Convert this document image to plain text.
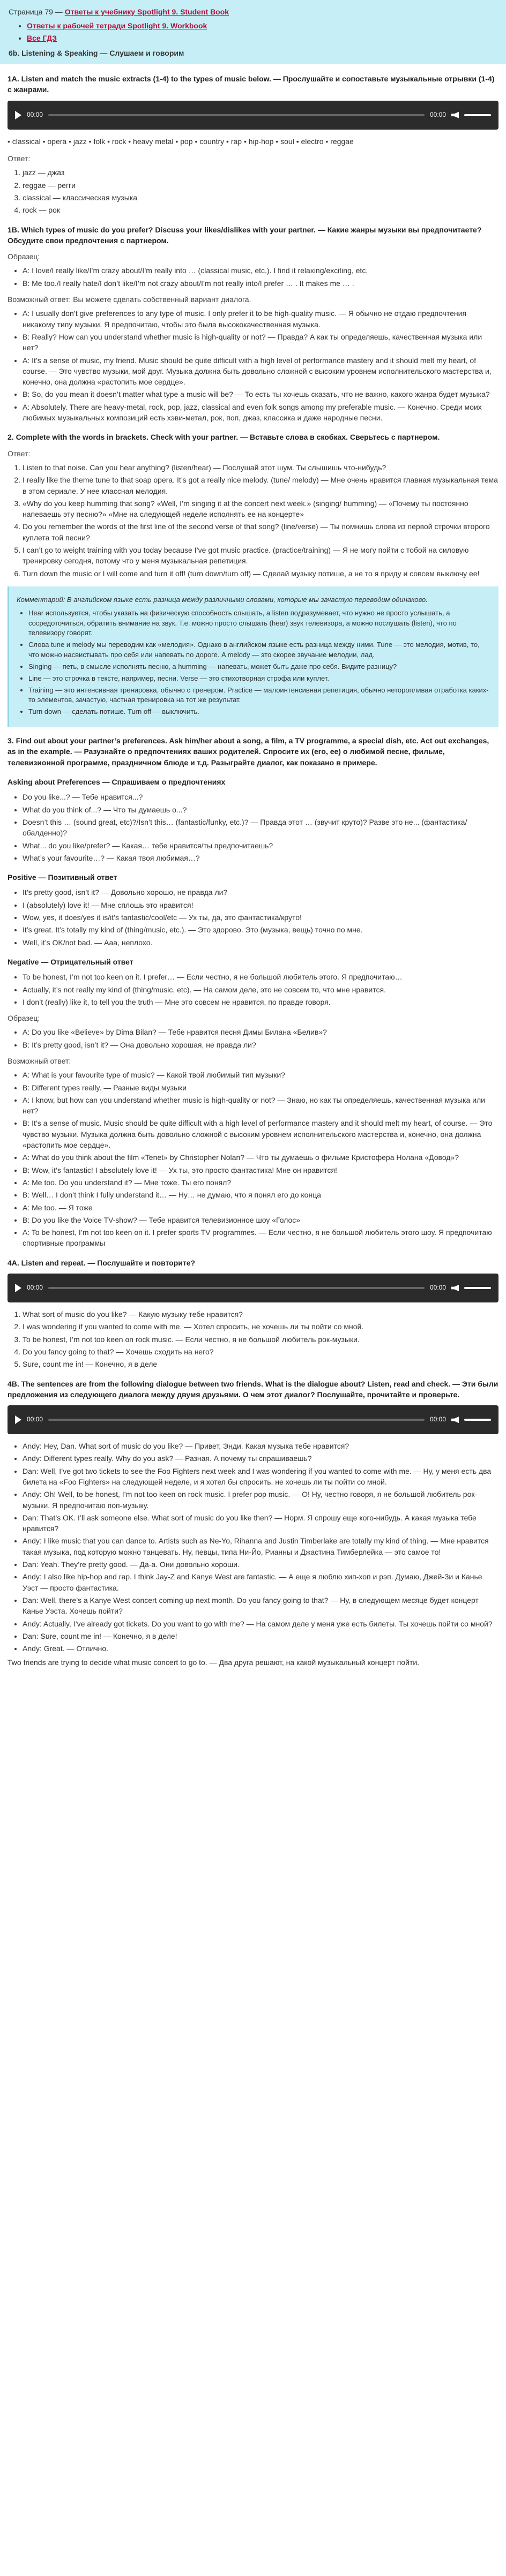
Страница 79 — Ответы к учебнику Spotlight 9. Student Book
• Ответы к рабочей тетради Spotlight 9. Workbook
• Все ГДЗ
6b. Listening & Speaking — Слушаем и говорим
1A. Listen and match the music extracts (1-4) to the types of music below. — Прослушайте и сопоставьте музыкальные отрывки (1-4) с жанрами.
00:00	00:00

• classical • opera • jazz • folk • rock • heavy metal • pop • country • rap • hip-hop • soul • electro • reggae

Ответ:
1. jazz — джаз
2. reggae — регги
3. classical — классическая музыка
4. rock — рок
1B. Which types of music do you prefer? Discuss your likes/dislikes with your partner. — Какие жанры музыки вы предпочитаете? Обсудите свои предпочтения с партнером.
Образец:
• A: I love/I really like/I’m crazy about/I’m really into … (classical music, etc.). I find it relaxing/exciting, etc.
• B: Me too./I really hate/I don’t like/I’m not crazy about/I’m not really into/I prefer … . It makes me … .
Возможный ответ: Вы можете сделать собственный вариант диалога.
• A: I usually don’t give preferences to any type of music. I only prefer it to be high-quality music. — Я обычно не отдаю предпочтения никакому типу музыки. Я предпочитаю, чтобы это была высококачественная музыка.
• B: Really? How can you understand whether music is high-quality or not? — Правда? А как ты определяешь, качественная музыка или нет?
• A: It’s a sense of music, my friend. Music should be quite difficult with a high level of performance mastery and it should melt my heart, of course. — Это чувство музыки, мой друг. Музыка должна быть довольно сложной с высоким уровнем исполнительского мастерства и, конечно, она должна «растопить мое сердце».
• B: So, do you mean it doesn’t matter what type a music will be? — То есть ты хочешь сказать, что не важно, какого жанра будет музыка?
• A: Absolutely. There are heavy-metal, rock, pop, jazz, classical and even folk songs among my preferable music. — Конечно. Среди моих любимых музыкальных композиций есть хэви-метал, рок, поп, джаз, классика и даже народные песни.
2. Complete with the words in brackets. Check with your partner. — Вставьте слова в скобках. Сверьтесь с партнером.
Ответ:
1. Listen to that noise. Can you hear anything? (listen/hear) — Послушай этот шум. Ты слышишь что-нибудь?
2. I really like the theme tune to that soap opera. It’s got a really nice melody. (tune/ melody) — Мне очень нравится главная музыкальная тема в этом сериале. У нее классная мелодия.
3. «Why do you keep humming that song? «Well, I’m singing it at the concert next week.» (singing/ humming) — «Почему ты постоянно напеваешь эту песню?» «Мне на следующей неделе исполнять ее на концерте»
4. Do you remember the words of the first line of the second verse of that song? (line/verse) — Ты помнишь слова из первой строчки второго куплета той песни?
5. I can’t go to weight training with you today because I’ve got music practice. (practice/training) — Я не могу пойти с тобой на силовую тренировку сегодня, потому что у меня музыкальная репетиция.
6. Turn down the music or I will come and turn it off! (turn down/turn off) — Сделай музыку потише, а не то я приду и совсем выключу ее!

Комментарий: В английском языке есть разница между различными словами, которые мы зачастую переводим одинаково.

• Hear используется, чтобы указать на физическую способность слышать, a listen подразумевает, что нужно не просто услышать, а сосредоточиться, обратить внимание на звук. Т.е. можно просто слышать (hear) звук телевизора, а можно послушать (listen), что по телевизору говорят.
• Слова tune и melody мы переводим как «мелодия». Однако в английском языке есть разница между ними. Tune — это мелодия, мотив, то, что можно насвистывать про себя или напевать по дороге. A melody — это скорее звучание мелодии, лад.
• Singing — петь, в смысле исполнять песню, a humming — напевать, может быть даже про себя. Видите разницу?
• Line — это строчка в тексте, например, песни. Verse — это стихотворная строфа или куплет.
• Training — это интенсивная тренировка, обычно с тренером. Practice — малоинтенсивная репетиция, обычно неторопливая отработка каких-то элементов, зачастую, частная тренировка на тот же результат.
• Turn down — сделать потише. Turn off — выключить.
3. Find out about your partner’s preferences. Ask him/her about a song, a film, a TV programme, a special dish, etc. Act out exchanges, as in the example. — Разузнайте о предпочтениях ваших родителей. Спросите их (его, ее) о любимой песне, фильме, телевизионной программе, праздничном блюде и т.д. Разыграйте диалог, как показано в примере.
Asking about Preferences — Спрашиваем о предпочтениях
• Do you like...? — Тебе нравится...?
• What do you think of...? — Что ты думаешь о...?
• Doesn’t this … (sound great, etc)?/Isn’t this… (fantastic/funky, etc.)? — Правда этот … (звучит круто)? Разве это не... (фантастика/обалденно)?
• What... do you like/prefer? — Какая… тебе нравится/ты предпочитаешь?
• What’s your favourite…? — Какая твоя любимая…?
Positive — Позитивный ответ
• It’s pretty good, isn’t it? — Довольно хорошо, не правда ли?
• I (absolutely) love it! — Мне сплошь это нравится!
• Wow, yes, it does/yes it is/it’s fantastic/cool/etc — Ух ты, да, это фантастика/круто!
• It’s great. It’s totally my kind of (thing/music, etc.). — Это здорово. Это (музыка, вещь) точно по мне.
• Well, it’s OK/not bad. — Ааа, неплохо.
Negative — Отрицательный ответ
• To be honest, I’m not too keen on it. I prefer… — Если честно, я не большой любитель этого. Я предпочитаю…
• Actually, it’s not really my kind of (thing/music, etc). — На самом деле, это не совсем то, что мне нравится.
• I don’t (really) like it, to tell you the truth — Мне это совсем не нравится, по правде говоря.
Образец:
• A: Do you like «Believe» by Dima Bilan? — Тебе нравится песня Димы Билана «Белив»?
• B: It’s pretty good, isn’t it? — Она довольно хорошая, не правда ли?
Возможный ответ:
• A: What is your favourite type of music? — Какой твой любимый тип музыки?
• B: Different types really. — Разные виды музыки
• A: I know, but how can you understand whether music is high-quality or not? — Знаю, но как ты определяешь, качественная музыка или нет?
• B: It’s a sense of music. Music should be quite difficult with a high level of performance mastery and it should melt my heart, of course. — Это чувство музыки. Музыка должна быть довольно сложной с высоким уровнем исполнительского мастерства и, конечно, она должна «растопить мое сердце».
• A: What do you think about the film «Tenet» by Christopher Nolan? — Что ты думаешь о фильме Кристофера Нолана «Довод»?
• B: Wow, it’s fantastic! I absolutely love it! — Ух ты, это просто фантастика! Мне он нравится!
• A: Me too. Do you understand it? — Мне тоже. Ты его понял?
• B: Well… I don’t think I fully understand it… — Ну… не думаю, что я понял его до конца
• A: Me too. — Я тоже
• B: Do you like the Voice TV-show? — Тебе нравится телевизионное шоу «Голос»
• A: To be honest, I’m not too keen on it. I prefer sports TV programmes. — Если честно, я не большой любитель этого шоу. Я предпочитаю спортивные программы
4A. Listen and repeat. — Послушайте и повторите?
00:00	00:00
1. What sort of music do you like? — Какую музыку тебе нравится?
2. I was wondering if you wanted to come with me. — Хотел спросить, не хочешь ли ты пойти со мной.
3. To be honest, I’m not too keen on rock music. — Если честно, я не большой любитель рок-музыки.
4. Do you fancy going to that? — Хочешь сходить на него?
5. Sure, count me in! — Конечно, я в деле
4B. The sentences are from the following dialogue between two friends. What is the dialogue about? Listen, read and check. — Эти были предложения из следующего диалога между двумя друзьями. О чем этот диалог? Послушайте, прочитайте и проверьте.
00:00	00:00
• Andy: Hey, Dan. What sort of music do you like? — Привет, Энди. Какая музыка тебе нравится?
• Andy: Different types really. Why do you ask? — Разная. А почему ты спрашиваешь?
• Dan: Well, I’ve got two tickets to see the Foo Fighters next week and I was wondering if you wanted to come with me. — Ну, у меня есть два билета на «Foo Fighters» на следующей неделе, и я хотел бы спросить, не хочешь ли ты пойти со мной.
• Andy: Oh! Well, to be honest, I’m not too keen on rock music. I prefer pop music. — О! Ну, честно говоря, я не большой любитель рок-музыки. Я предпочитаю поп-музыку.
• Dan: That’s OK. I’ll ask someone else. What sort of music do you like then? — Норм. Я спрошу еще кого-нибудь. А какая музыка тебе нравится?
• Andy: I like music that you can dance to. Artists such as Ne-Yo, Rihanna and Justin Timberlake are totally my kind of thing. — Мне нравится такая музыка, под которую можно танцевать. Ну, певцы, типа Ни-Йо, Рианны и Джастина Тимберлейка — это самое то!
• Dan: Yeah. They’re pretty good. — Да-а. Они довольно хороши.
• Andy: I also like hip-hop and rap. I think Jay-Z and Kanye West are fantastic. — А еще я люблю хип-хоп и рэп. Думаю, Джей-Зи и Канье Уэст — просто фантастика.
• Dan: Well, there’s a Kanye West concert coming up next month. Do you fancy going to that? — Ну, в следующем месяце будет концерт Канье Уэста. Хочешь пойти?
• Andy: Actually, I’ve already got tickets. Do you want to go with me? — На самом деле у меня уже есть билеты. Ты хочешь пойти со мной?
• Dan: Sure, count me in! — Конечно, я в деле!
• Andy: Great. — Отлично.

Two friends are trying to decide what music concert to go to. — Два друга решают, на какой музыкальный концерт пойти.
